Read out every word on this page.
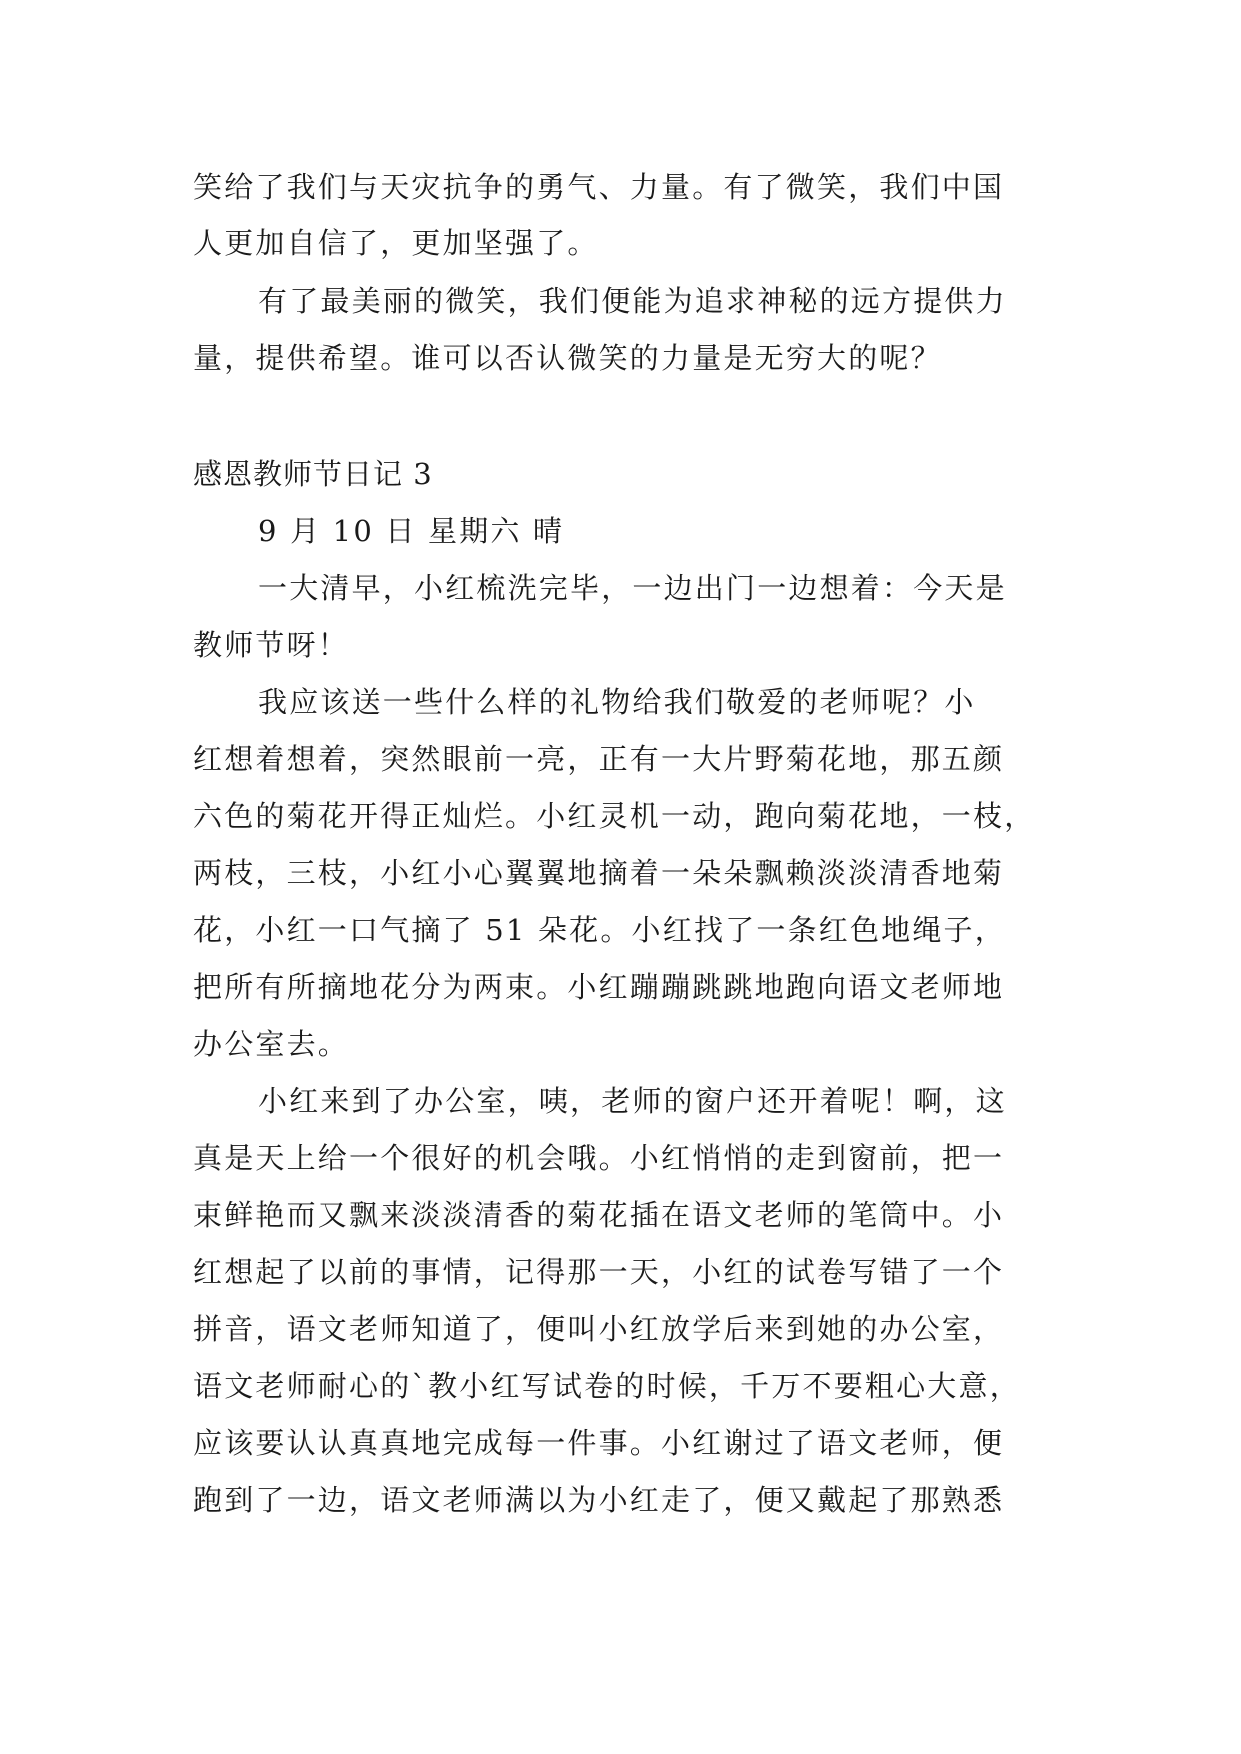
笑给了我们与天灾抗争的勇气、力量。有了微笑，我们中国
人更加自信了，更加坚强了。
有了最美丽的微笑，我们便能为追求神秘的远方提供力
量，提供希望。谁可以否认微笑的力量是无穷大的呢？
感恩教师节日记 3
9 月 10 日 星期六 晴
一大清早，小红梳洗完毕，一边出门一边想着：今天是
教师节呀！
我应该送一些什么样的礼物给我们敬爱的老师呢？小
红想着想着，突然眼前一亮，正有一大片野菊花地，那五颜
六色的菊花开得正灿烂。小红灵机一动，跑向菊花地，一枝，
两枝，三枝，小红小心翼翼地摘着一朵朵飘赖淡淡清香地菊
花，小红一口气摘了 51 朵花。小红找了一条红色地绳子，
把所有所摘地花分为两束。小红蹦蹦跳跳地跑向语文老师地
办公室去。
小红来到了办公室，咦，老师的窗户还开着呢！啊，这
真是天上给一个很好的机会哦。小红悄悄的走到窗前，把一
束鲜艳而又飘来淡淡清香的菊花插在语文老师的笔筒中。小
红想起了以前的事情，记得那一天，小红的试卷写错了一个
拼音，语文老师知道了，便叫小红放学后来到她的办公室，
语文老师耐心的`教小红写试卷的时候，千万不要粗心大意，
应该要认认真真地完成每一件事。小红谢过了语文老师，便
跑到了一边，语文老师满以为小红走了，便又戴起了那熟悉
